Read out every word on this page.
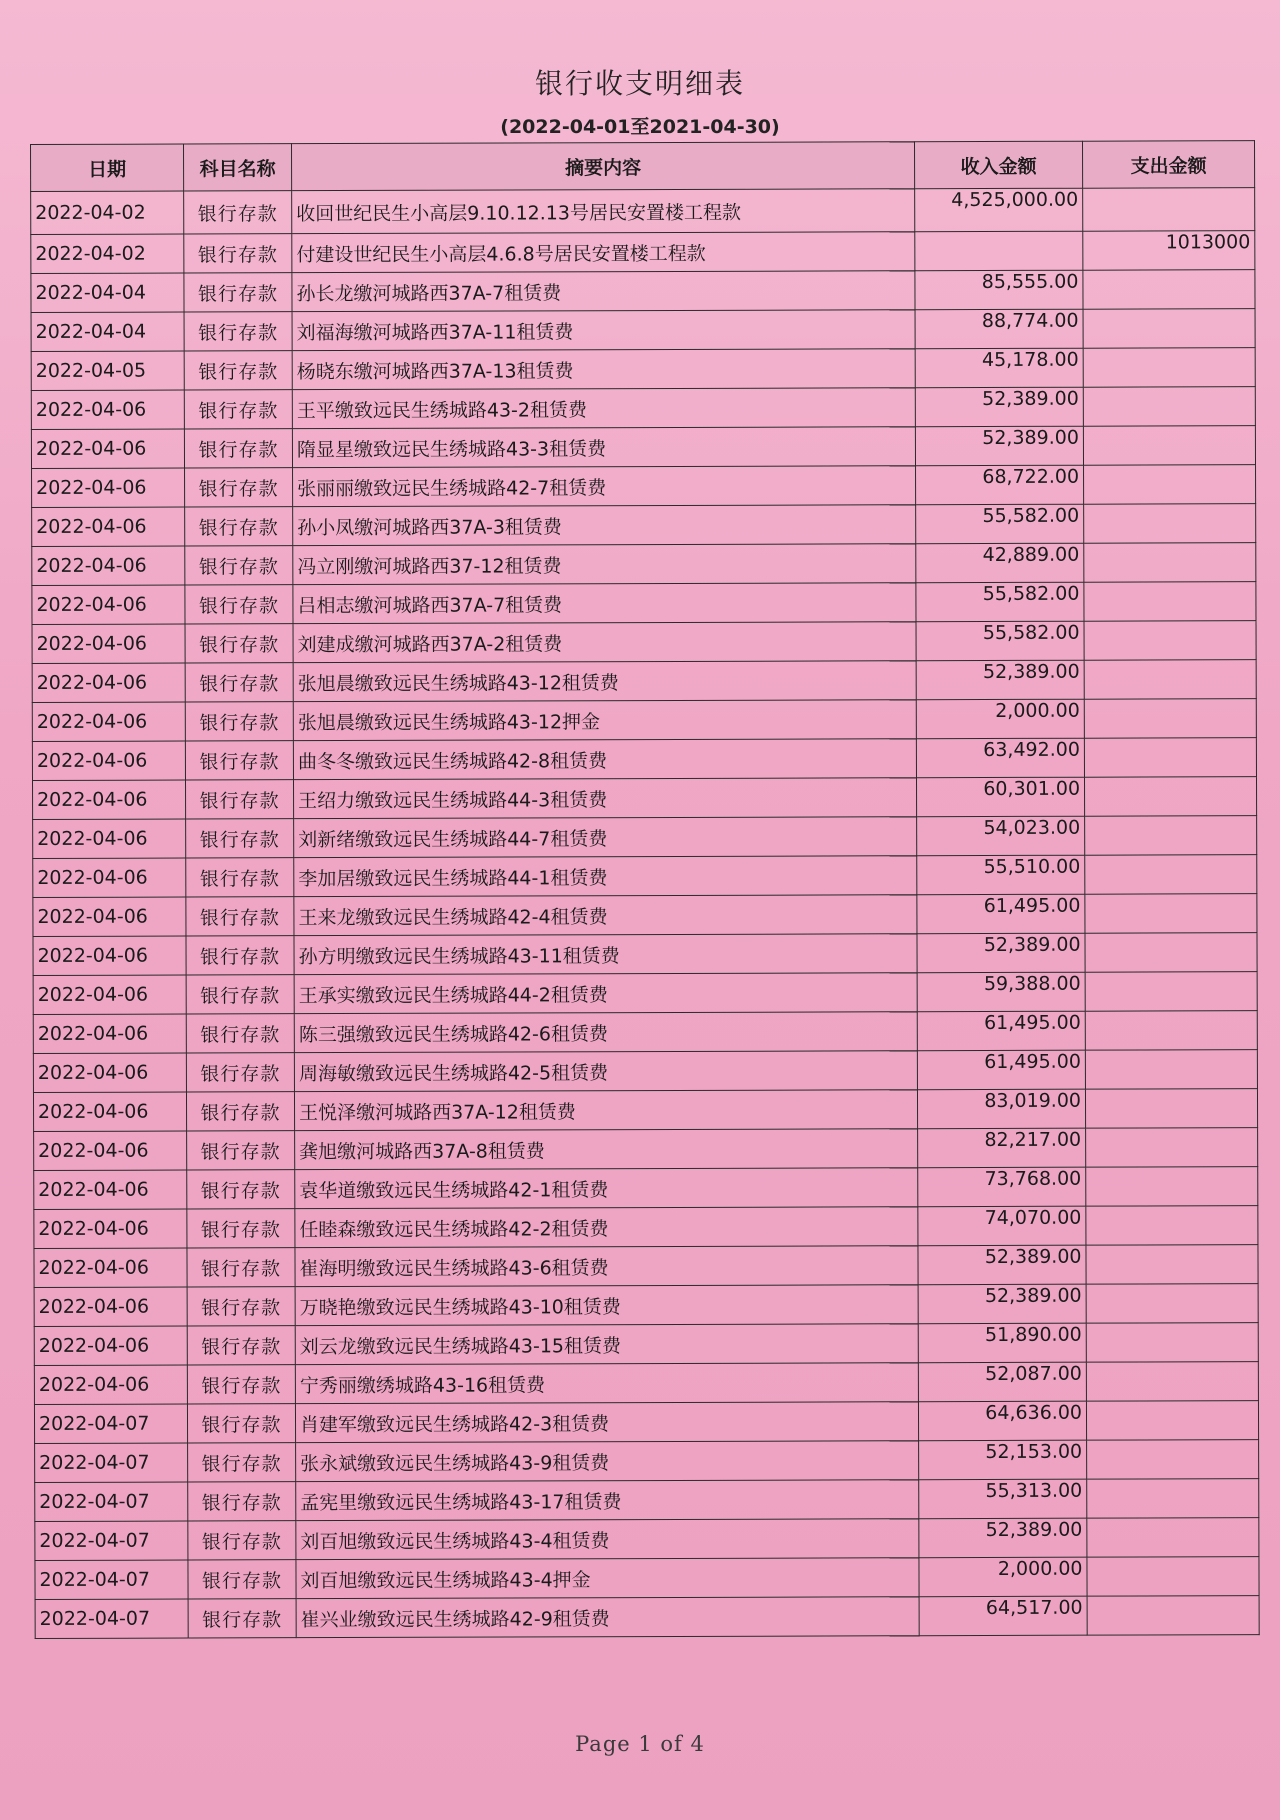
银行收支明细表
(2022-04-01至2021-04-30)
日期	科目名称	摘要内容	收入金额	支出金额
2022-04-02	银行存款	收回世纪民生小高层9.10.12.13号居民安置楼工程款	4,525,000.00	
2022-04-02	银行存款	付建设世纪民生小高层4.6.8号居民安置楼工程款		1013000
2022-04-04	银行存款	孙长龙缴河城路西37A-7租赁费	85,555.00	
2022-04-04	银行存款	刘福海缴河城路西37A-11租赁费	88,774.00	
2022-04-05	银行存款	杨晓东缴河城路西37A-13租赁费	45,178.00	
2022-04-06	银行存款	王平缴致远民生绣城路43-2租赁费	52,389.00	
2022-04-06	银行存款	隋显星缴致远民生绣城路43-3租赁费	52,389.00	
2022-04-06	银行存款	张丽丽缴致远民生绣城路42-7租赁费	68,722.00	
2022-04-06	银行存款	孙小凤缴河城路西37A-3租赁费	55,582.00	
2022-04-06	银行存款	冯立刚缴河城路西37-12租赁费	42,889.00	
2022-04-06	银行存款	吕相志缴河城路西37A-7租赁费	55,582.00	
2022-04-06	银行存款	刘建成缴河城路西37A-2租赁费	55,582.00	
2022-04-06	银行存款	张旭晨缴致远民生绣城路43-12租赁费	52,389.00	
2022-04-06	银行存款	张旭晨缴致远民生绣城路43-12押金	2,000.00	
2022-04-06	银行存款	曲冬冬缴致远民生绣城路42-8租赁费	63,492.00	
2022-04-06	银行存款	王绍力缴致远民生绣城路44-3租赁费	60,301.00	
2022-04-06	银行存款	刘新绪缴致远民生绣城路44-7租赁费	54,023.00	
2022-04-06	银行存款	李加居缴致远民生绣城路44-1租赁费	55,510.00	
2022-04-06	银行存款	王来龙缴致远民生绣城路42-4租赁费	61,495.00	
2022-04-06	银行存款	孙方明缴致远民生绣城路43-11租赁费	52,389.00	
2022-04-06	银行存款	王承实缴致远民生绣城路44-2租赁费	59,388.00	
2022-04-06	银行存款	陈三强缴致远民生绣城路42-6租赁费	61,495.00	
2022-04-06	银行存款	周海敏缴致远民生绣城路42-5租赁费	61,495.00	
2022-04-06	银行存款	王悦泽缴河城路西37A-12租赁费	83,019.00	
2022-04-06	银行存款	龚旭缴河城路西37A-8租赁费	82,217.00	
2022-04-06	银行存款	袁华道缴致远民生绣城路42-1租赁费	73,768.00	
2022-04-06	银行存款	任睦森缴致远民生绣城路42-2租赁费	74,070.00	
2022-04-06	银行存款	崔海明缴致远民生绣城路43-6租赁费	52,389.00	
2022-04-06	银行存款	万晓艳缴致远民生绣城路43-10租赁费	52,389.00	
2022-04-06	银行存款	刘云龙缴致远民生绣城路43-15租赁费	51,890.00	
2022-04-06	银行存款	宁秀丽缴绣城路43-16租赁费	52,087.00	
2022-04-07	银行存款	肖建军缴致远民生绣城路42-3租赁费	64,636.00	
2022-04-07	银行存款	张永斌缴致远民生绣城路43-9租赁费	52,153.00	
2022-04-07	银行存款	孟宪里缴致远民生绣城路43-17租赁费	55,313.00	
2022-04-07	银行存款	刘百旭缴致远民生绣城路43-4租赁费	52,389.00	
2022-04-07	银行存款	刘百旭缴致远民生绣城路43-4押金	2,000.00	
2022-04-07	银行存款	崔兴业缴致远民生绣城路42-9租赁费	64,517.00	
Page 1 of 4
